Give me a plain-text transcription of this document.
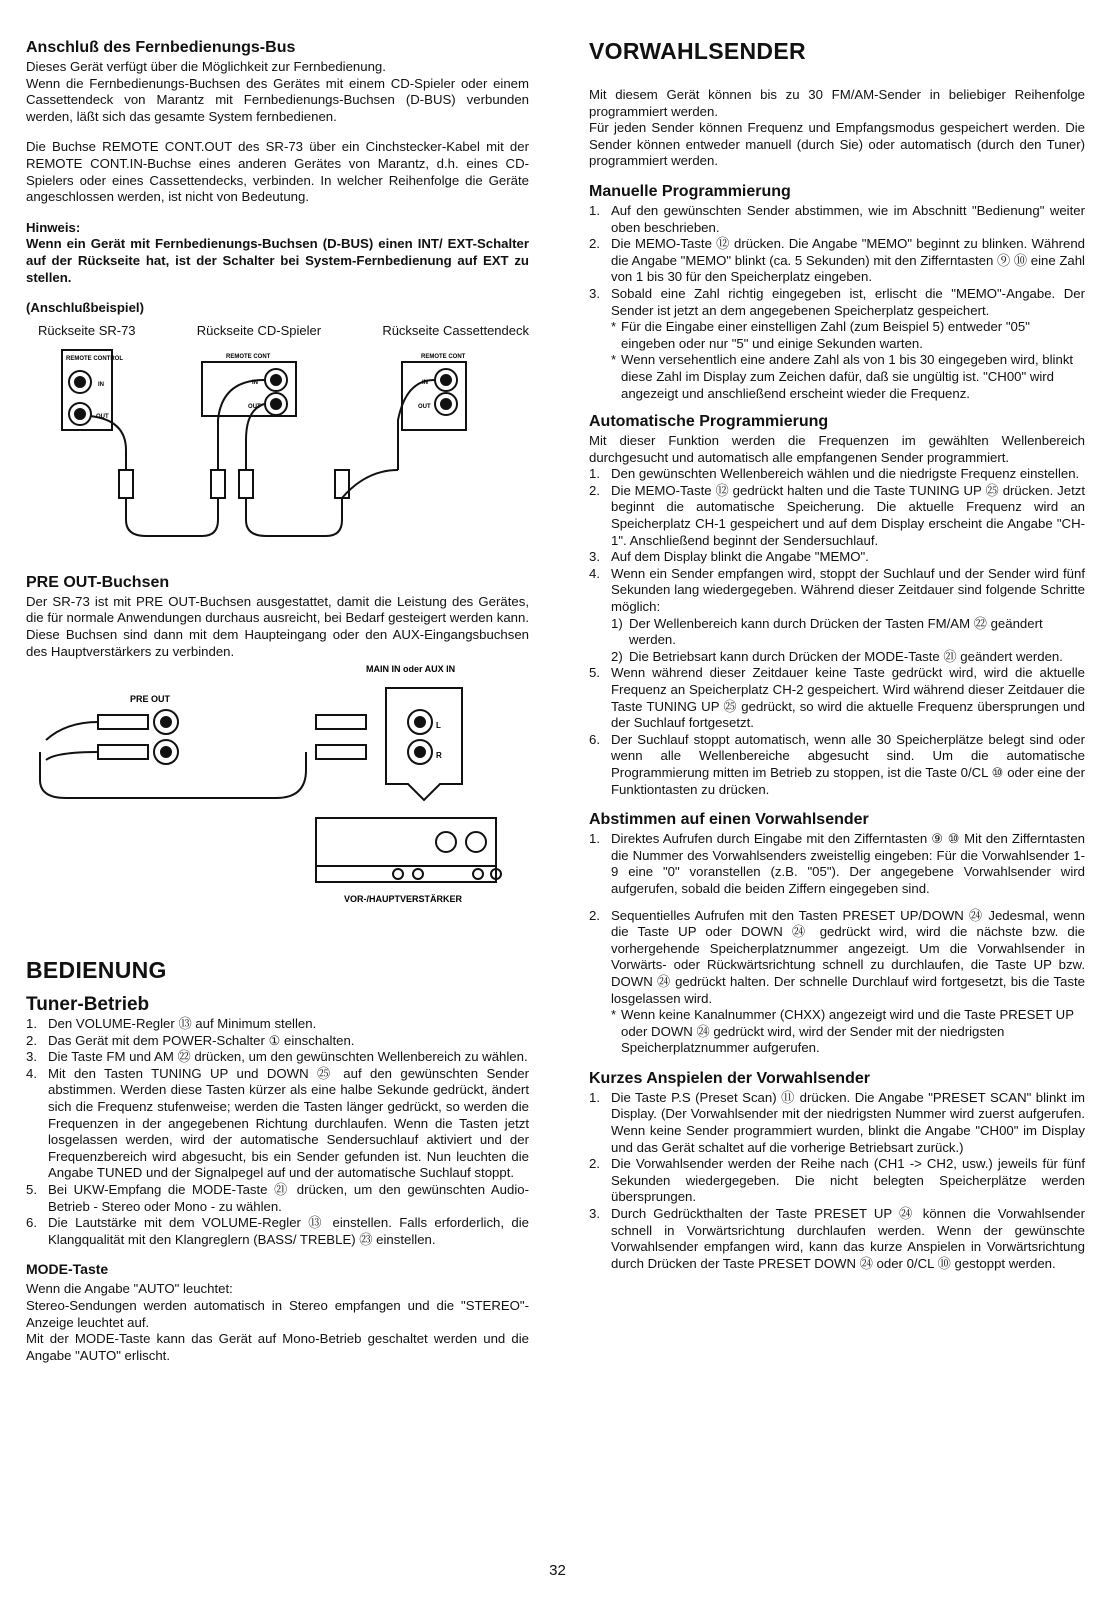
Anschluß des Fernbedienungs-Bus

Dieses Gerät verfügt über die Möglichkeit zur Fernbedienung.

Wenn die Fernbedienungs-Buchsen des Gerätes mit einem CD-Spieler oder einem Cassettendeck von Marantz mit Fernbedienungs-Buchsen (D-BUS) verbunden werden, läßt sich das gesamte System fernbedienen.

Die Buchse REMOTE CONT.OUT des SR-73 über ein Cinchstecker-Kabel mit der REMOTE CONT.IN-Buchse eines anderen Gerätes von Marantz, d.h. eines CD-Spielers oder eines Cassettendecks, verbinden. In welcher Reihenfolge die Geräte angeschlossen werden, ist nicht von Bedeutung.

Hinweis:

Wenn ein Gerät mit Fernbedienungs-Buchsen (D-BUS) einen INT/ EXT-Schalter auf der Rückseite hat, ist der Schalter bei System-Fernbedienung auf EXT zu stellen.

(Anschlußbeispiel)

Rückseite SR-73	Rückseite CD-Spieler	Rückseite Cassettendeck
REMOTE CONTROL	REMOTE CONT	REMOTE CONT
IN
OUT
IN
OUT
IN
OUT
PRE OUT-Buchsen

Der SR-73 ist mit PRE OUT-Buchsen ausgestattet, damit die Leistung des Gerätes, die für normale Anwendungen durchaus ausreicht, bei Bedarf gesteigert werden kann. Diese Buchsen sind dann mit dem Haupteingang oder den AUX-Eingangsbuchsen des Hauptverstärkers zu verbinden.

MAIN IN oder AUX IN
PRE OUT
L
R
VOR-/HAUPTVERSTÄRKER
BEDIENUNG
Tuner-Betrieb
1. Den VOLUME-Regler ⑬ auf Minimum stellen.
2. Das Gerät mit dem POWER-Schalter ① einschalten.
3. Die Taste FM und AM ㉒ drücken, um den gewünschten Wellenbereich zu wählen.
4. Mit den Tasten TUNING UP und DOWN ㉕ auf den gewünschten Sender abstimmen. Werden diese Tasten kürzer als eine halbe Sekunde gedrückt, ändert sich die Frequenz stufenweise; werden die Tasten länger gedrückt, so werden die Frequenzen in der angegebenen Richtung durchlaufen. Wenn die Tasten jetzt losgelassen werden, wird der automatische Sendersuchlauf aktiviert und der Frequenzbereich wird abgesucht, bis ein Sender gefunden ist. Nun leuchten die Angabe TUNED und der Signalpegel auf und der automatische Suchlauf stoppt.
5. Bei UKW-Empfang die MODE-Taste ㉑ drücken, um den gewünschten Audio-Betrieb - Stereo oder Mono - zu wählen.
6. Die Lautstärke mit dem VOLUME-Regler ⑬ einstellen. Falls erforderlich, die Klangqualität mit den Klangreglern (BASS/ TREBLE) ㉓ einstellen.
MODE-Taste

Wenn die Angabe "AUTO" leuchtet:

Stereo-Sendungen werden automatisch in Stereo empfangen und die "STEREO"-Anzeige leuchtet auf.

Mit der MODE-Taste kann das Gerät auf Mono-Betrieb geschaltet werden und die Angabe "AUTO" erlischt.

VORWAHLSENDER

Mit diesem Gerät können bis zu 30 FM/AM-Sender in beliebiger Reihenfolge programmiert werden.

Für jeden Sender können Frequenz und Empfangsmodus gespeichert werden. Die Sender können entweder manuell (durch Sie) oder automatisch (durch den Tuner) programmiert werden.

Manuelle Programmierung
1. Auf den gewünschten Sender abstimmen, wie im Abschnitt "Bedienung" weiter oben beschrieben.
2. Die MEMO-Taste ⑫ drücken. Die Angabe "MEMO" beginnt zu blinken. Während die Angabe "MEMO" blinkt (ca. 5 Sekunden) mit den Zifferntasten ⑨ ⑩ eine Zahl von 1 bis 30 für den Speicherplatz eingeben.
3. Sobald eine Zahl richtig eingegeben ist, erlischt die "MEMO"-Angabe. Der Sender ist jetzt an dem angegebenen Speicherplatz gespeichert.
* Für die Eingabe einer einstelligen Zahl (zum Beispiel 5) entweder "05" eingeben oder nur "5" und einige Sekunden warten.
* Wenn versehentlich eine andere Zahl als von 1 bis 30 eingegeben wird, blinkt diese Zahl im Display zum Zeichen dafür, daß sie ungültig ist. "CH00" wird angezeigt und anschließend erscheint wieder die Frequenz.
Automatische Programmierung

Mit dieser Funktion werden die Frequenzen im gewählten Wellenbereich durchgesucht und automatisch alle empfangenen Sender programmiert.

1. Den gewünschten Wellenbereich wählen und die niedrigste Frequenz einstellen.
2. Die MEMO-Taste ⑫ gedrückt halten und die Taste TUNING UP ㉕ drücken. Jetzt beginnt die automatische Speicherung. Die aktuelle Frequenz wird an Speicherplatz CH-1 gespeichert und auf dem Display erscheint die Angabe "CH-1". Anschließend beginnt der Sendersuchlauf.
3. Auf dem Display blinkt die Angabe "MEMO".
4. Wenn ein Sender empfangen wird, stoppt der Suchlauf und der Sender wird fünf Sekunden lang wiedergegeben. Während dieser Zeitdauer sind folgende Schritte möglich:
1) Der Wellenbereich kann durch Drücken der Tasten FM/AM ㉒ geändert werden.
2) Die Betriebsart kann durch Drücken der MODE-Taste ㉑ geändert werden.
5. Wenn während dieser Zeitdauer keine Taste gedrückt wird, wird die aktuelle Frequenz an Speicherplatz CH-2 gespeichert. Wird während dieser Zeitdauer die Taste TUNING UP ㉕ gedrückt, so wird die aktuelle Frequenz übersprungen und der Suchlauf fortgesetzt.
6. Der Suchlauf stoppt automatisch, wenn alle 30 Speicherplätze belegt sind oder wenn alle Wellenbereiche abgesucht sind. Um die automatische Programmierung mitten im Betrieb zu stoppen, ist die Taste 0/CL ⑩ oder eine der Funktiontasten zu drücken.
Abstimmen auf einen Vorwahlsender
1. Direktes Aufrufen durch Eingabe mit den Zifferntasten ⑨ ⑩ Mit den Zifferntasten die Nummer des Vorwahlsenders zweistellig eingeben: Für die Vorwahlsender 1-9 eine "0" voranstellen (z.B. "05"). Der angegebene Vorwahlsender wird aufgerufen, sobald die beiden Ziffern eingegeben sind.
2. Sequentielles Aufrufen mit den Tasten PRESET UP/DOWN ㉔ Jedesmal, wenn die Taste UP oder DOWN ㉔ gedrückt wird, wird die nächste bzw. die vorhergehende Speicherplatznummer angezeigt. Um die Vorwahlsender in Vorwärts- oder Rückwärtsrichtung schnell zu durchlaufen, die Taste UP bzw. DOWN ㉔ gedrückt halten. Der schnelle Durchlauf wird fortgesetzt, bis die Taste losgelassen wird.
* Wenn keine Kanalnummer (CHXX) angezeigt wird und die Taste PRESET UP oder DOWN ㉔ gedrückt wird, wird der Sender mit der niedrigsten Speicherplatznummer aufgerufen.
Kurzes Anspielen der Vorwahlsender
1. Die Taste P.S (Preset Scan) ⑪ drücken. Die Angabe "PRESET SCAN" blinkt im Display. (Der Vorwahlsender mit der niedrigsten Nummer wird zuerst aufgerufen. Wenn keine Sender programmiert wurden, blinkt die Angabe "CH00" im Display und das Gerät schaltet auf die vorherige Betriebsart zurück.)
2. Die Vorwahlsender werden der Reihe nach (CH1 -> CH2, usw.) jeweils für fünf Sekunden wiedergegeben. Die nicht belegten Speicherplätze werden übersprungen.
3. Durch Gedrückthalten der Taste PRESET UP ㉔ können die Vorwahlsender schnell in Vorwärtsrichtung durchlaufen werden. Wenn der gewünschte Vorwahlsender empfangen wird, kann das kurze Anspielen in Vorwärtsrichtung durch Drücken der Taste PRESET DOWN ㉔ oder 0/CL ⑩ gestoppt werden.
32
